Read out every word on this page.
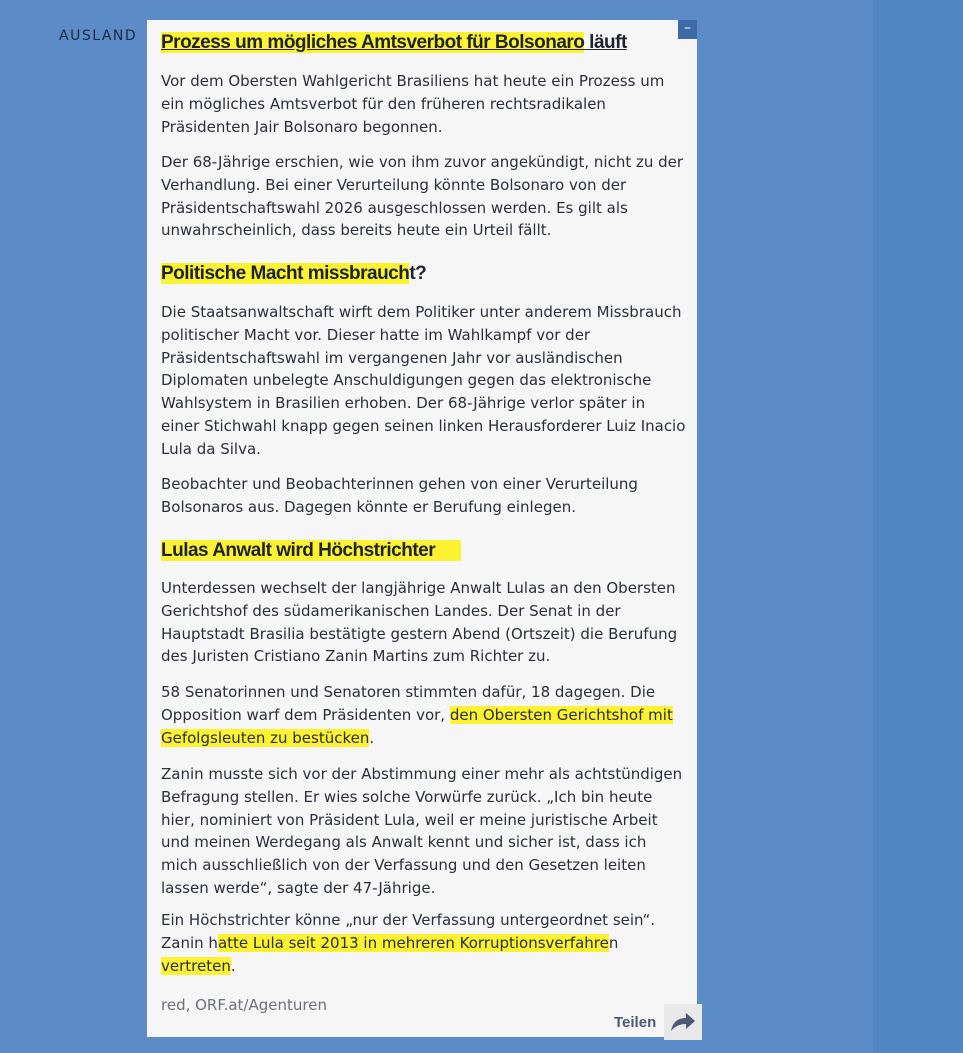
AUSLAND	–
Prozess um mögliches Amtsverbot für Bolsonaro läuft

Vor dem Obersten Wahlgericht Brasiliens hat heute ein Prozess um ein mögliches Amtsverbot für den früheren rechtsradikalen Präsidenten Jair Bolsonaro begonnen.

Der 68-Jährige erschien, wie von ihm zuvor angekündigt, nicht zu der Verhandlung. Bei einer Verurteilung könnte Bolsonaro von der Präsidentschaftswahl 2026 ausgeschlossen werden. Es gilt als unwahrscheinlich, dass bereits heute ein Urteil fällt.

Politische Macht missbraucht?

Die Staatsanwaltschaft wirft dem Politiker unter anderem Missbrauch politischer Macht vor. Dieser hatte im Wahlkampf vor der Präsidentschaftswahl im vergangenen Jahr vor ausländischen Diplomaten unbelegte Anschuldigungen gegen das elektronische Wahlsystem in Brasilien erhoben. Der 68-Jährige verlor später in einer Stichwahl knapp gegen seinen linken Herausforderer Luiz Inacio Lula da Silva.

Beobachter und Beobachterinnen gehen von einer Verurteilung Bolsonaros aus. Dagegen könnte er Berufung einlegen.

Lulas Anwalt wird Höchstrichter

Unterdessen wechselt der langjährige Anwalt Lulas an den Obersten Gerichtshof des südamerikanischen Landes. Der Senat in der Hauptstadt Brasilia bestätigte gestern Abend (Ortszeit) die Berufung des Juristen Cristiano Zanin Martins zum Richter zu.

58 Senatorinnen und Senatoren stimmten dafür, 18 dagegen. Die Opposition warf dem Präsidenten vor, den Obersten Gerichtshof mit Gefolgsleuten zu bestücken.

Zanin musste sich vor der Abstimmung einer mehr als achtstündigen Befragung stellen. Er wies solche Vorwürfe zurück. „Ich bin heute hier, nominiert von Präsident Lula, weil er meine juristische Arbeit und meinen Werdegang als Anwalt kennt und sicher ist, dass ich mich ausschließlich von der Verfassung und den Gesetzen leiten lassen werde“, sagte der 47-Jährige.

Ein Höchstrichter könne „nur der Verfassung untergeordnet sein“. Zanin hatte Lula seit 2013 in mehreren Korruptionsverfahren vertreten.

red, ORF.at/Agenturen

Teilen
